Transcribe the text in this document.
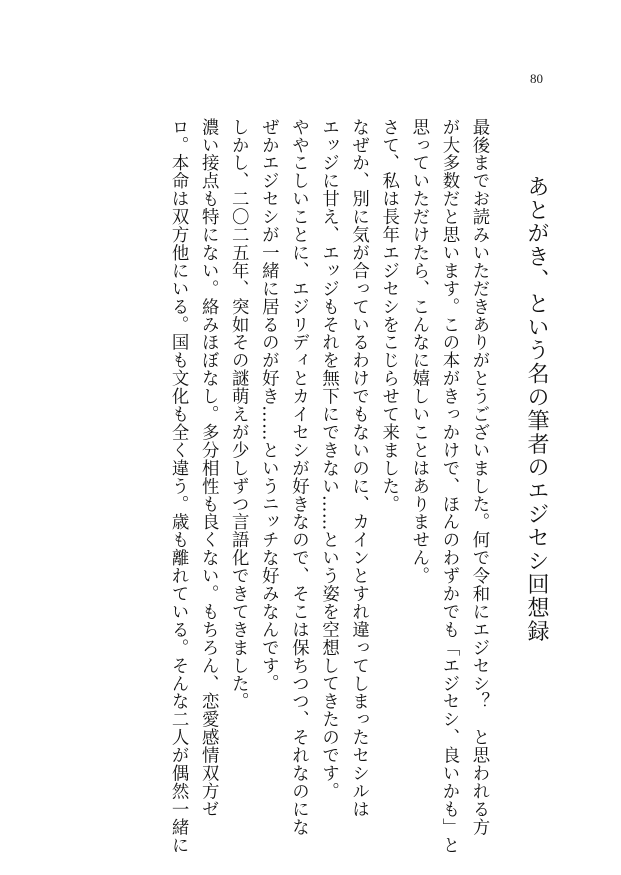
80
あとがき、という名の筆者のエジセシ回想録
最後までお読みいただきありがとうございました。何で令和にエジセシ？　と思われる方
が大多数だと思います。この本がきっかけで、ほんのわずかでも「エジセシ、良いかも」と
思っていただけたら、こんなに嬉しいことはありません。
さて、私は長年エジセシをこじらせて来ました。
なぜか、別に気が合っているわけでもないのに、カインとすれ違ってしまったセシルは
エッジに甘え、エッジもそれを無下にできない……という姿を空想してきたのです。
ややこしいことに、エジリディとカイセシが好きなので、そこは保ちつつ、それなのにな
ぜかエジセシが一緒に居るのが好き……というニッチな好みなんです。
しかし、二〇二五年、突如その謎萌えが少しずつ言語化できてきました。
濃い接点も特にない。絡みほぼなし。多分相性も良くない。もちろん、恋愛感情双方ゼ
ロ。本命は双方他にいる。国も文化も全く違う。歳も離れている。そんな二人が偶然一緒に
